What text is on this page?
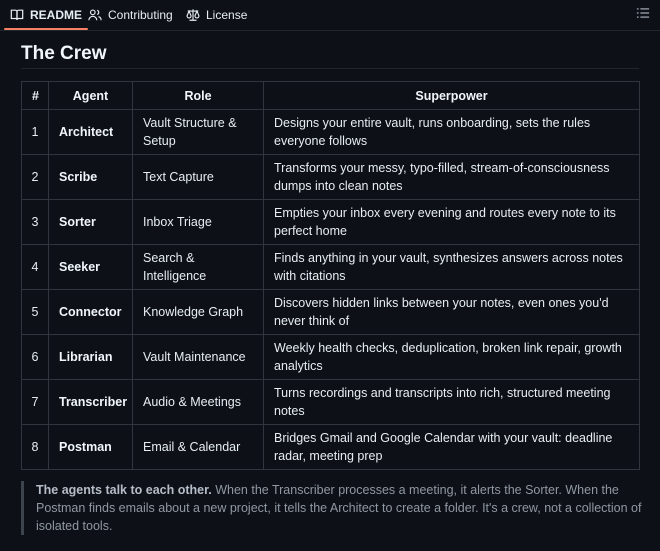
README Contributing	License
The Crew
#	Agent	Role	Superpower
1	Architect	Vault Structure & Setup	Designs your entire vault, runs onboarding, sets the rules everyone follows
2	Scribe	Text Capture	Transforms your messy, typo-filled, stream-of-consciousness dumps into clean notes
3	Sorter	Inbox Triage	Empties your inbox every evening and routes every note to its perfect home
4	Seeker	Search & Intelligence	Finds anything in your vault, synthesizes answers across notes with citations
5	Connector	Knowledge Graph	Discovers hidden links between your notes, even ones you'd never think of
6	Librarian	Vault Maintenance	Weekly health checks, deduplication, broken link repair, growth analytics
7	Transcriber	Audio & Meetings	Turns recordings and transcripts into rich, structured meeting notes
8	Postman	Email & Calendar	Bridges Gmail and Google Calendar with your vault: deadline radar, meeting prep
The agents talk to each other. When the Transcriber processes a meeting, it alerts the Sorter. When the Postman finds emails about a new project, it tells the Architect to create a folder. It's a crew, not a collection of isolated tools.
